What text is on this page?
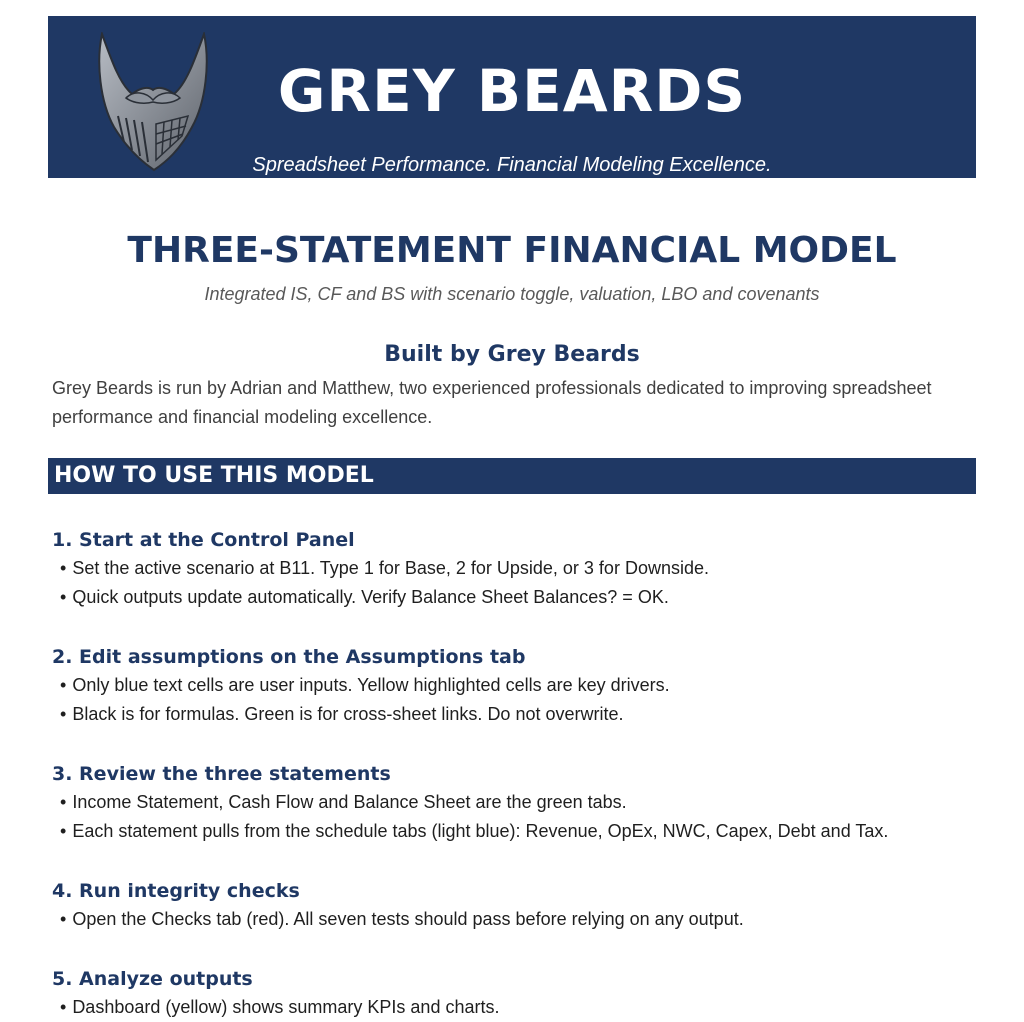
GREY BEARDS
Spreadsheet Performance. Financial Modeling Excellence.
THREE-STATEMENT FINANCIAL MODEL
Integrated IS, CF and BS with scenario toggle, valuation, LBO and covenants
Built by Grey Beards
Grey Beards is run by Adrian and Matthew, two experienced professionals dedicated to improving spreadsheet performance and financial modeling excellence.
HOW TO USE THIS MODEL
1. Start at the Control Panel
• Set the active scenario at B11. Type 1 for Base, 2 for Upside, or 3 for Downside.
• Quick outputs update automatically. Verify Balance Sheet Balances? = OK.
2. Edit assumptions on the Assumptions tab
• Only blue text cells are user inputs. Yellow highlighted cells are key drivers.
• Black is for formulas. Green is for cross-sheet links. Do not overwrite.
3. Review the three statements
• Income Statement, Cash Flow and Balance Sheet are the green tabs.
• Each statement pulls from the schedule tabs (light blue): Revenue, OpEx, NWC, Capex, Debt and Tax.
4. Run integrity checks
• Open the Checks tab (red). All seven tests should pass before relying on any output.
5. Analyze outputs
• Dashboard (yellow) shows summary KPIs and charts.
